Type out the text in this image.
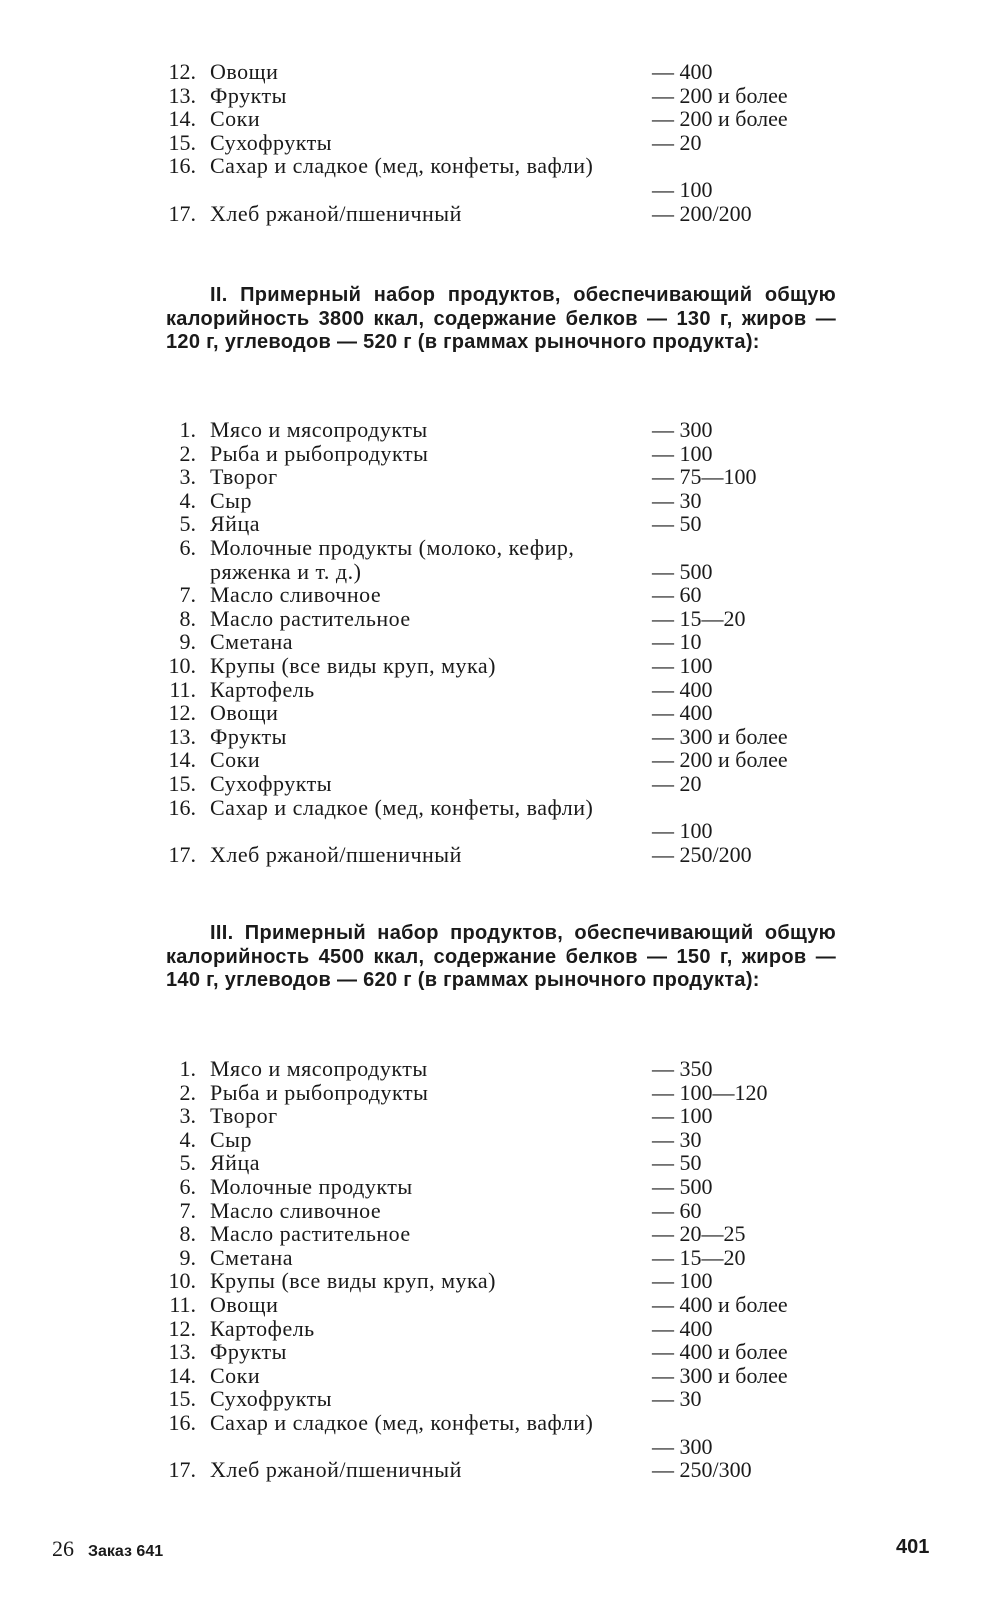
12. Овощи	— 400
13. Фрукты	— 200 и более
14. Соки	— 200 и более
15. Сухофрукты	— 20
16. Сахар и сладкое (мед, конфеты, вафли)
— 100
17. Хлеб ржаной/пшеничный	— 200/200
II. Примерный набор продуктов, обеспечивающий общую калорийность 3800 ккал, содержание белков — 130 г, жиров — 120 г, углеводов — 520 г (в граммах рыночного продукта):
1. Мясо и мясопродукты	— 300
2. Рыба и рыбопродукты	— 100
3. Творог	— 75—100
4. Сыр	— 30
5. Яйца	— 50
6. Молочные продукты (молоко, кефир, ряженка и т. д.)	— 500
7. Масло сливочное	— 60
8. Масло растительное	— 15—20
9. Сметана	— 10
10. Крупы (все виды круп, мука)	— 100
11. Картофель	— 400
12. Овощи	— 400
13. Фрукты	— 300 и более
14. Соки	— 200 и более
15. Сухофрукты	— 20
16. Сахар и сладкое (мед, конфеты, вафли)
— 100
17. Хлеб ржаной/пшеничный	— 250/200
III. Примерный набор продуктов, обеспечивающий общую калорийность 4500 ккал, содержание белков — 150 г, жиров — 140 г, углеводов — 620 г (в граммах рыночного продукта):
1. Мясо и мясопродукты	— 350
2. Рыба и рыбопродукты	— 100—120
3. Творог	— 100
4. Сыр	— 30
5. Яйца	— 50
6. Молочные продукты	— 500
7. Масло сливочное	— 60
8. Масло растительное	— 20—25
9. Сметана	— 15—20
10. Крупы (все виды круп, мука)	— 100
11. Овощи	— 400 и более
12. Картофель	— 400
13. Фрукты	— 400 и более
14. Соки	— 300 и более
15. Сухофрукты	— 30
16. Сахар и сладкое (мед, конфеты, вафли)
— 300
17. Хлеб ржаной/пшеничный	— 250/300
26 Заказ 641	401
